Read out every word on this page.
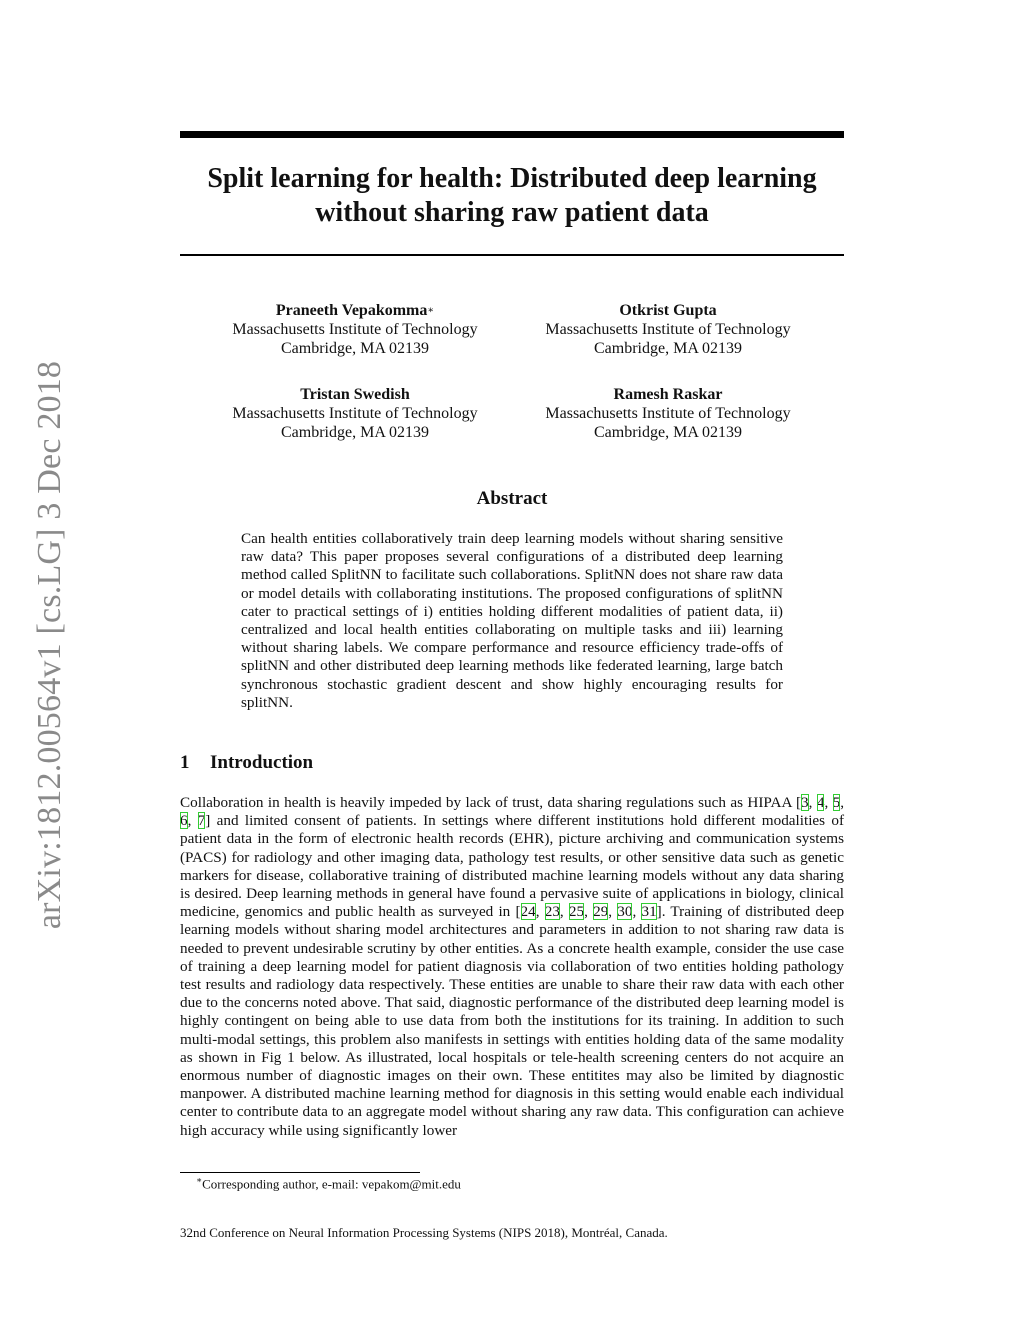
arXiv:1812.00564v1 [cs.LG] 3 Dec 2018
Split learning for health: Distributed deep learning
without sharing raw patient data
Praneeth Vepakomma∗
Massachusetts Institute of Technology
Cambridge, MA 02139
Otkrist Gupta
Massachusetts Institute of Technology
Cambridge, MA 02139
Tristan Swedish
Massachusetts Institute of Technology
Cambridge, MA 02139
Ramesh Raskar
Massachusetts Institute of Technology
Cambridge, MA 02139
Abstract
Can health entities collaboratively train deep learning models without sharing sensitive raw data? This paper proposes several configurations of a distributed deep learning method called SplitNN to facilitate such collaborations. SplitNN does not share raw data or model details with collaborating institutions. The proposed configurations of splitNN cater to practical settings of i) entities holding different modalities of patient data, ii) centralized and local health entities collaborating on multiple tasks and iii) learning without sharing labels. We compare performance and resource efficiency trade-offs of splitNN and other distributed deep learning methods like federated learning, large batch synchronous stochastic gradient descent and show highly encouraging results for splitNN.
1 Introduction
Collaboration in health is heavily impeded by lack of trust, data sharing regulations such as HIPAA [3, 4, 5, 6, 7] and limited consent of patients. In settings where different institutions hold different modalities of patient data in the form of electronic health records (EHR), picture archiving and communication systems (PACS) for radiology and other imaging data, pathology test results, or other sensitive data such as genetic markers for disease, collaborative training of distributed machine learning models without any data sharing is desired. Deep learning methods in general have found a pervasive suite of applications in biology, clinical medicine, genomics and public health as surveyed in [24, 23, 25, 29, 30, 31]. Training of distributed deep learning models without sharing model architectures and parameters in addition to not sharing raw data is needed to prevent undesirable scrutiny by other entities. As a concrete health example, consider the use case of training a deep learning model for patient diagnosis via collaboration of two entities holding pathology test results and radiology data respectively. These entities are unable to share their raw data with each other due to the concerns noted above. That said, diagnostic performance of the distributed deep learning model is highly contingent on being able to use data from both the institutions for its training. In addition to such multi-modal settings, this problem also manifests in settings with entities holding data of the same modality as shown in Fig 1 below. As illustrated, local hospitals or tele-health screening centers do not acquire an enormous number of diagnostic images on their own. These entitites may also be limited by diagnostic manpower. A distributed machine learning method for diagnosis in this setting would enable each individual center to contribute data to an aggregate model without sharing any raw data. This configuration can achieve high accuracy while using significantly lower
∗Corresponding author, e-mail: vepakom@mit.edu
32nd Conference on Neural Information Processing Systems (NIPS 2018), Montréal, Canada.
